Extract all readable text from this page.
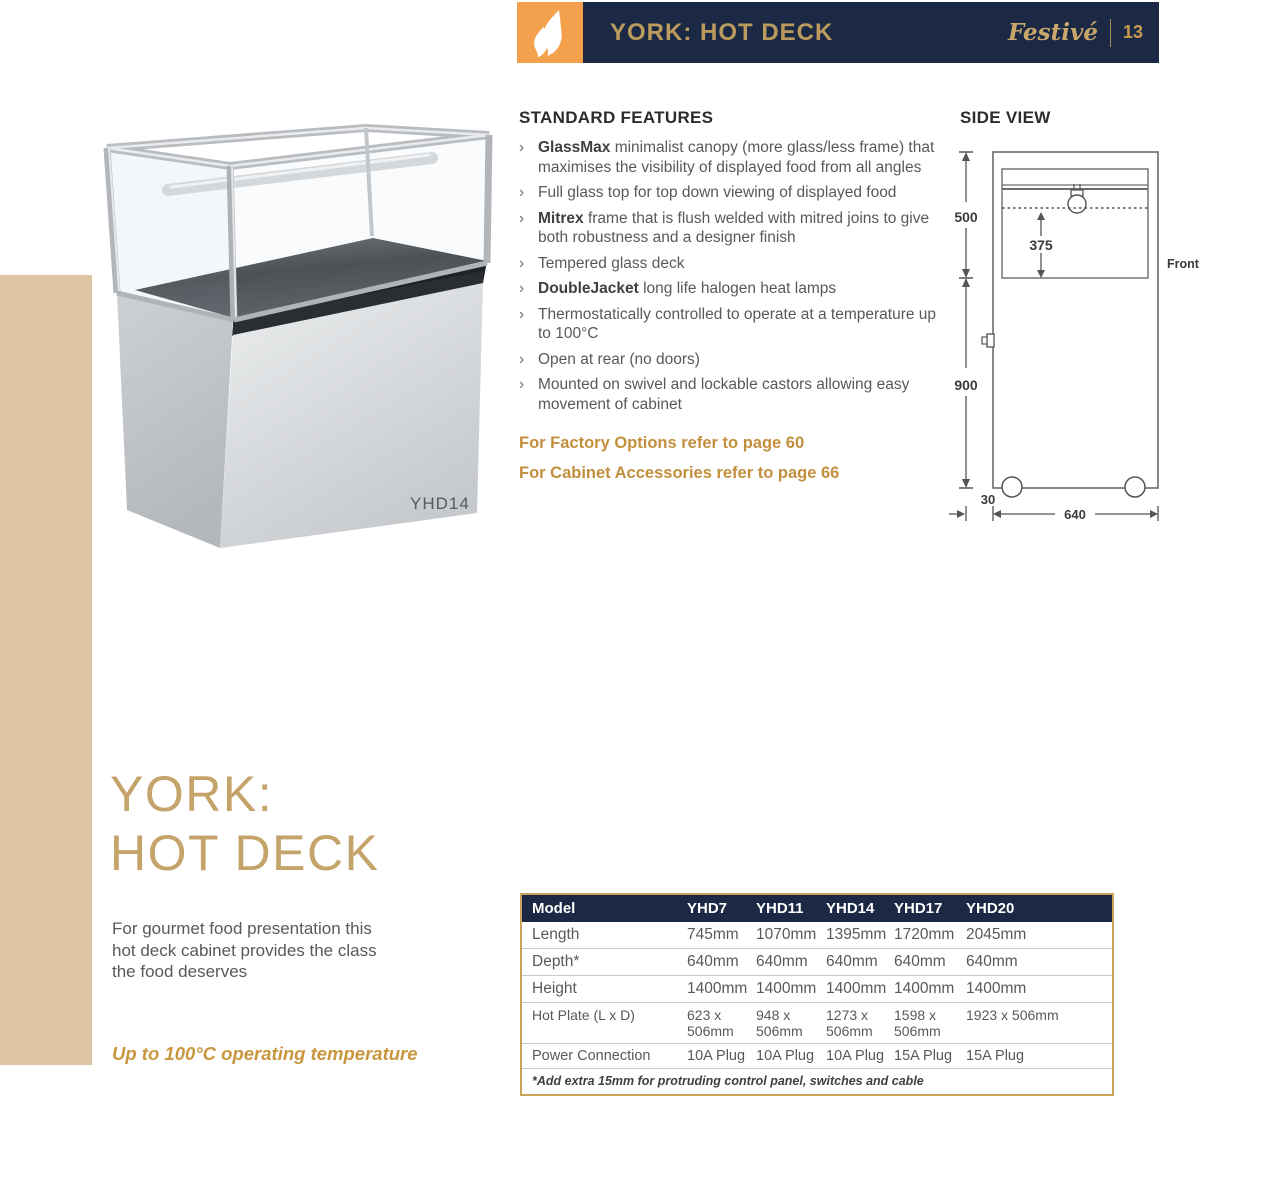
YORK: HOT DECK	Festivé 13
YHD14
STANDARD FEATURES
› GlassMax minimalist canopy (more glass/less frame) that maximises the visibility of displayed food from all angles
› Full glass top for top down viewing of displayed food
› Mitrex frame that is flush welded with mitred joins to give both robustness and a designer finish
› Tempered glass deck
› DoubleJacket long life halogen heat lamps
› Thermostatically controlled to operate at a temperature up to 100°C
› Open at rear (no doors)
› Mounted on swivel and lockable castors allowing easy movement of cabinet
For Factory Options refer to page 60
For Cabinet Accessories refer to page 66
SIDE VIEW
375
500
900
Front
30
640
YORK:
HOT DECK
For gourmet food presentation this
hot deck cabinet provides the class
the food deserves
Up to 100°C operating temperature
Model	YHD7	YHD11	YHD14	YHD17	YHD20
Length	745mm	1070mm	1395mm	1720mm	2045mm
Depth*	640mm	640mm	640mm	640mm	640mm
Height	1400mm	1400mm	1400mm	1400mm	1400mm
Hot Plate (L x D)	623 x 506mm	948 x 506mm	1273 x 506mm	1598 x 506mm	1923 x 506mm
Power Connection	10A Plug	10A Plug	10A Plug	15A Plug	15A Plug
*Add extra 15mm for protruding control panel, switches and cable					
